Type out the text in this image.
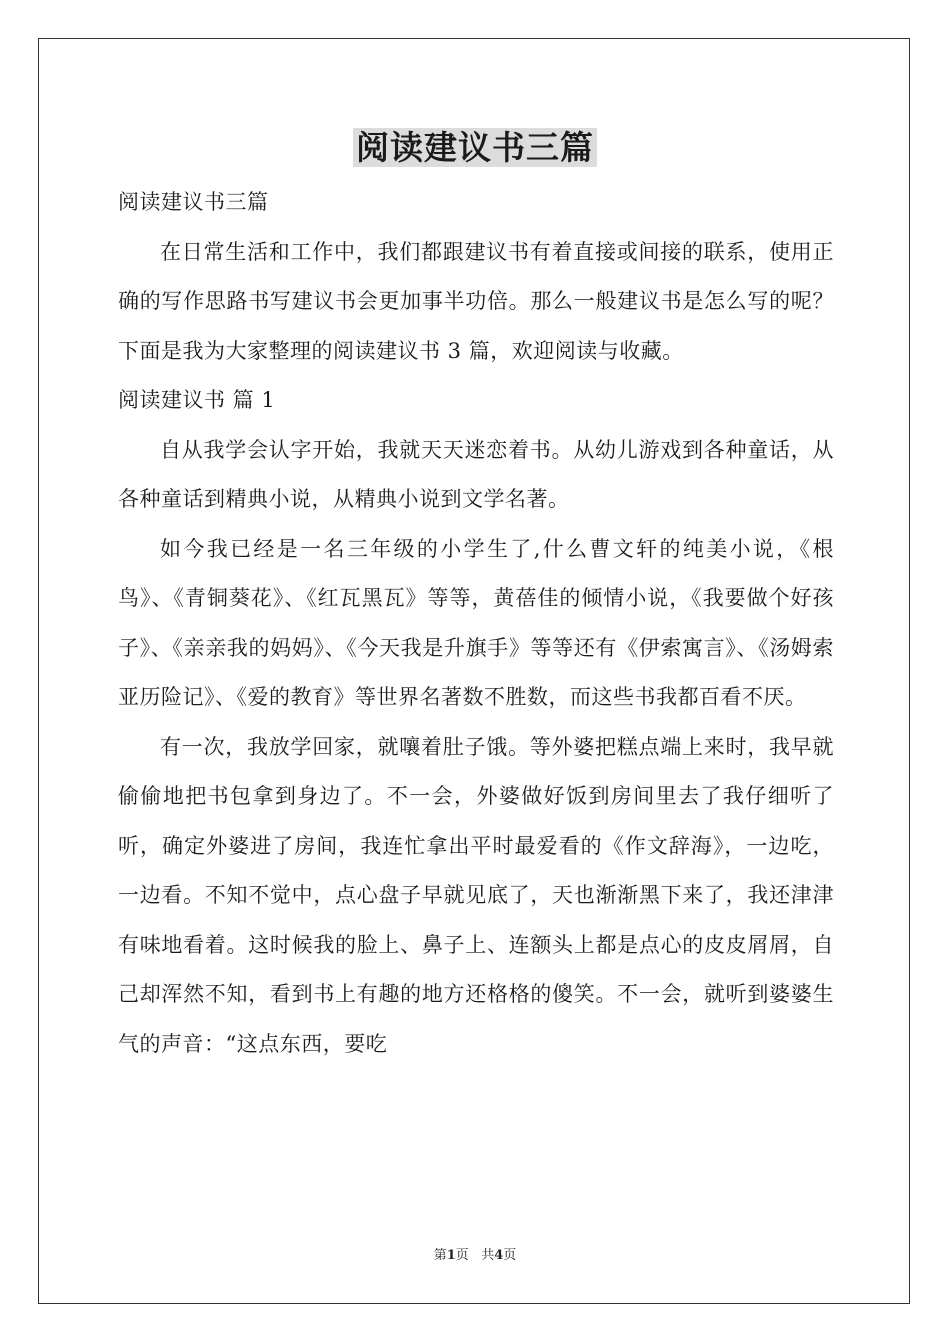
阅读建议书三篇

阅读建议书三篇

在日常生活和工作中，我们都跟建议书有着直接或间接的联系，使用正确的写作思路书写建议书会更加事半功倍。那么一般建议书是怎么写的呢？下面是我为大家整理的阅读建议书 3 篇，欢迎阅读与收藏。

阅读建议书 篇 1

自从我学会认字开始，我就天天迷恋着书。从幼儿游戏到各种童话，从各种童话到精典小说，从精典小说到文学名著。

如今我已经是一名三年级的小学生了,什么曹文轩的纯美小说，《根鸟》、《青铜葵花》、《红瓦黑瓦》等等，黄蓓佳的倾情小说，《我要做个好孩子》、《亲亲我的妈妈》、《今天我是升旗手》等等还有《伊索寓言》、《汤姆索亚历险记》、《爱的教育》等世界名著数不胜数，而这些书我都百看不厌。

有一次，我放学回家，就嚷着肚子饿。等外婆把糕点端上来时，我早就偷偷地把书包拿到身边了。不一会，外婆做好饭到房间里去了我仔细听了听，确定外婆进了房间，我连忙拿出平时最爱看的《作文辞海》，一边吃，一边看。不知不觉中，点心盘子早就见底了，天也渐渐黑下来了，我还津津有味地看着。这时候我的脸上、鼻子上、连额头上都是点心的皮皮屑屑，自己却浑然不知，看到书上有趣的地方还格格的傻笑。不一会，就听到婆婆生气的声音：“这点东西，要吃

第1页 共4页
